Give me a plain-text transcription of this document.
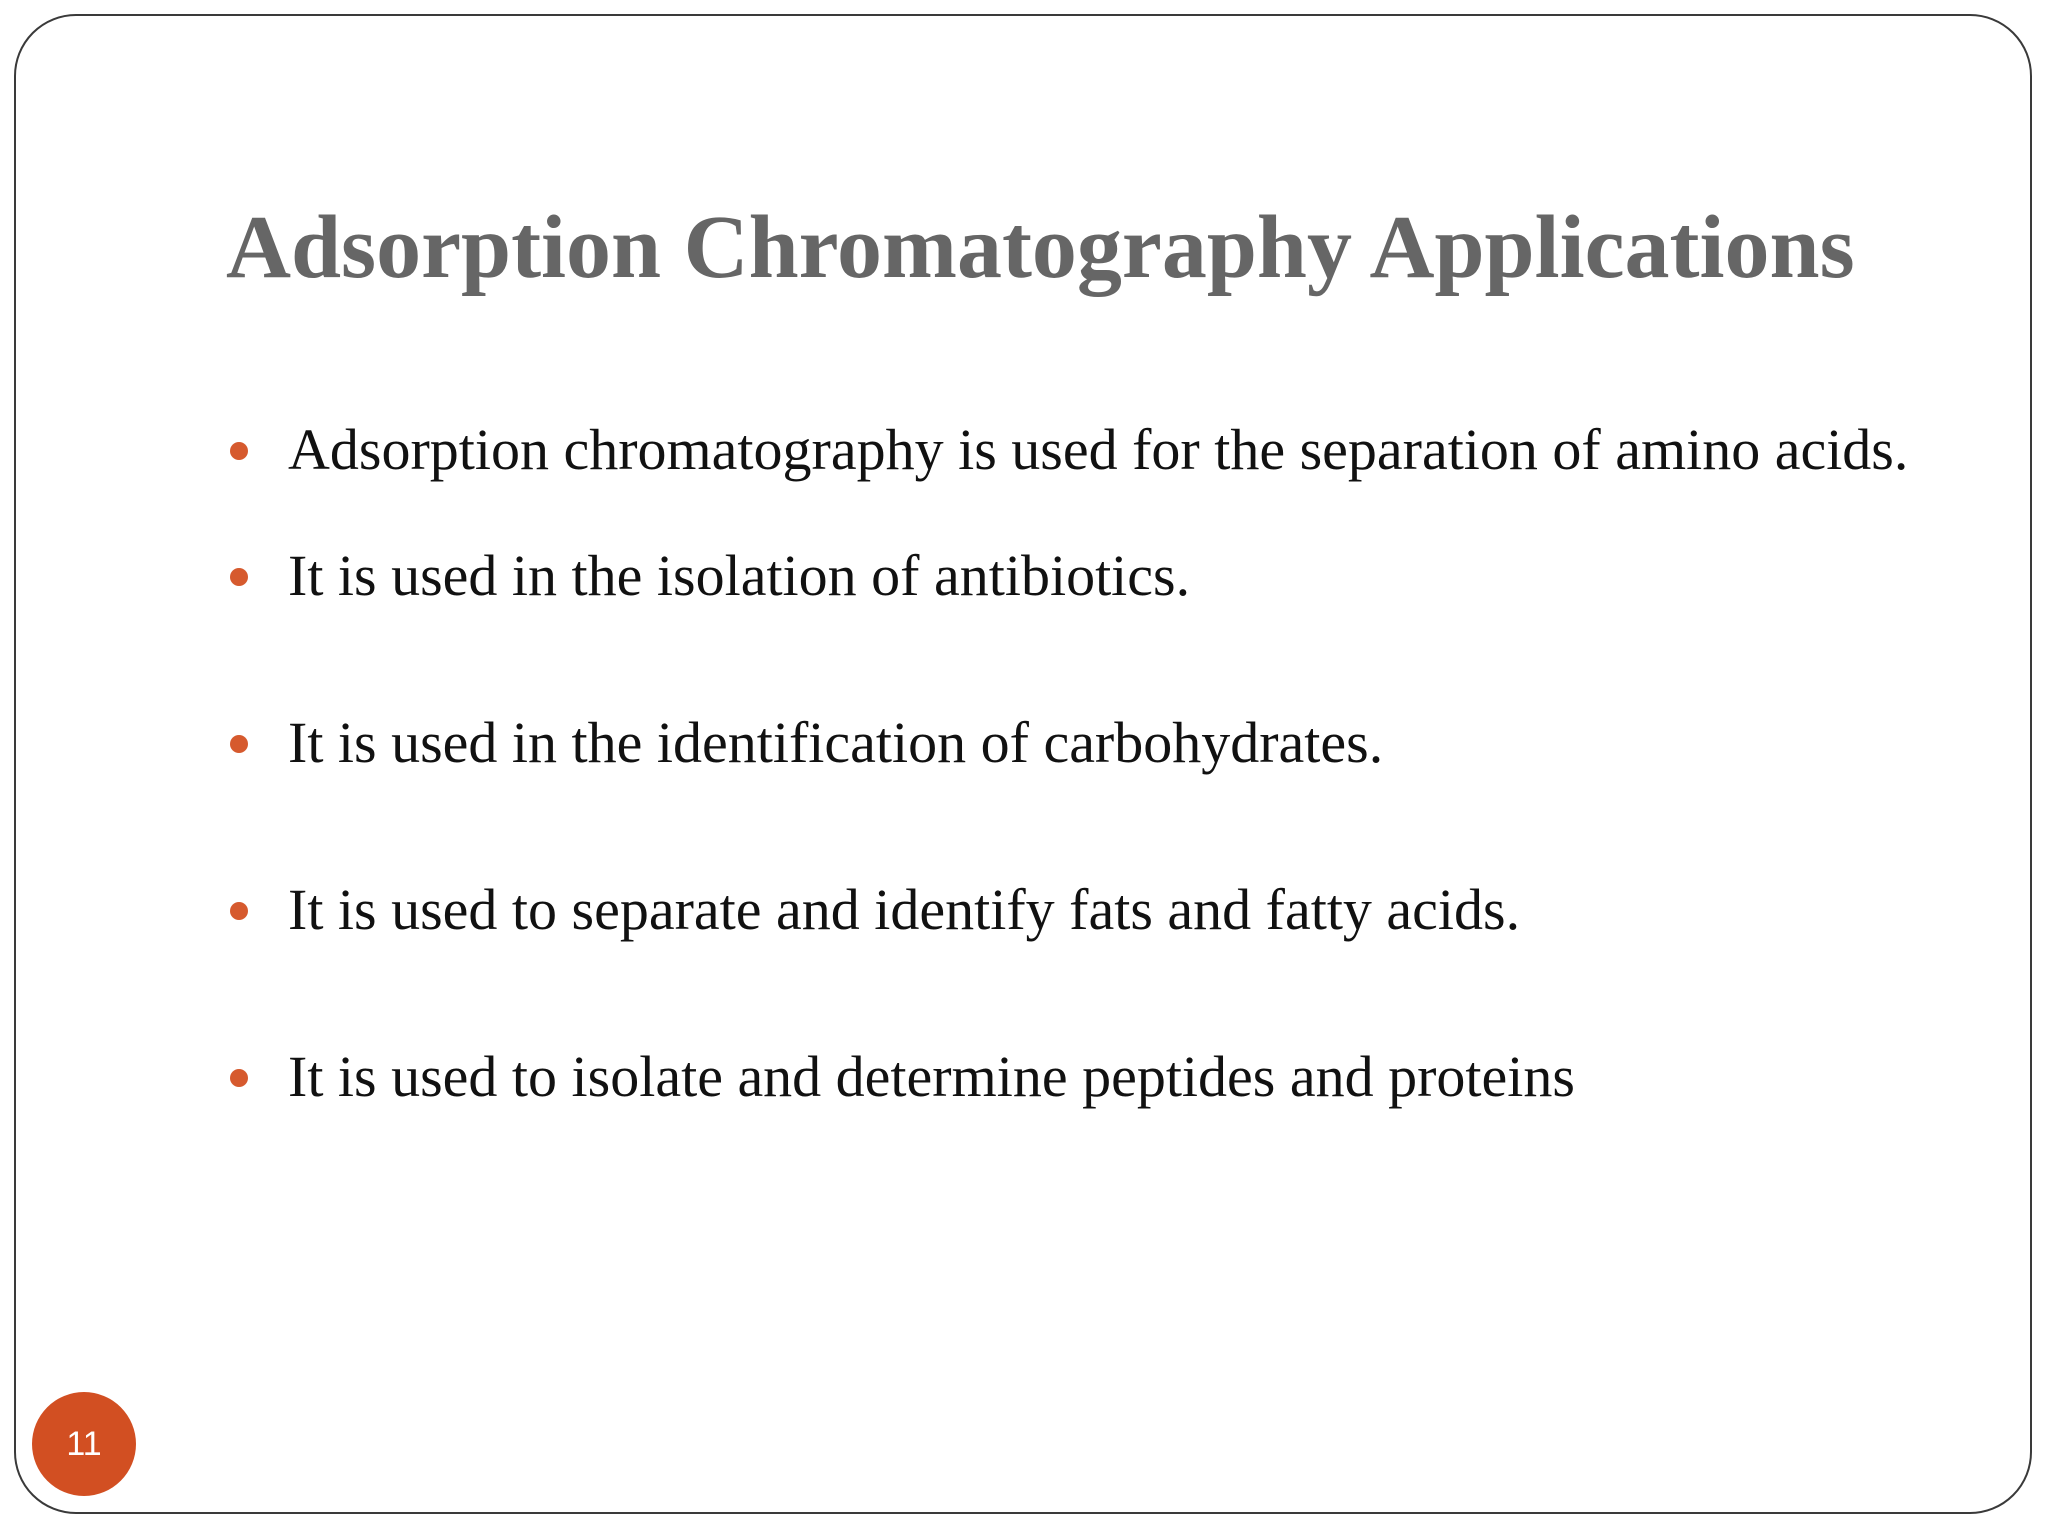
Adsorption Chromatography Applications
Adsorption chromatography is used for the separation of amino acids.
It is used in the isolation of antibiotics.
It is used in the identification of carbohydrates.
It is used to separate and identify fats and fatty acids.
It is used to isolate and determine peptides and proteins
11
